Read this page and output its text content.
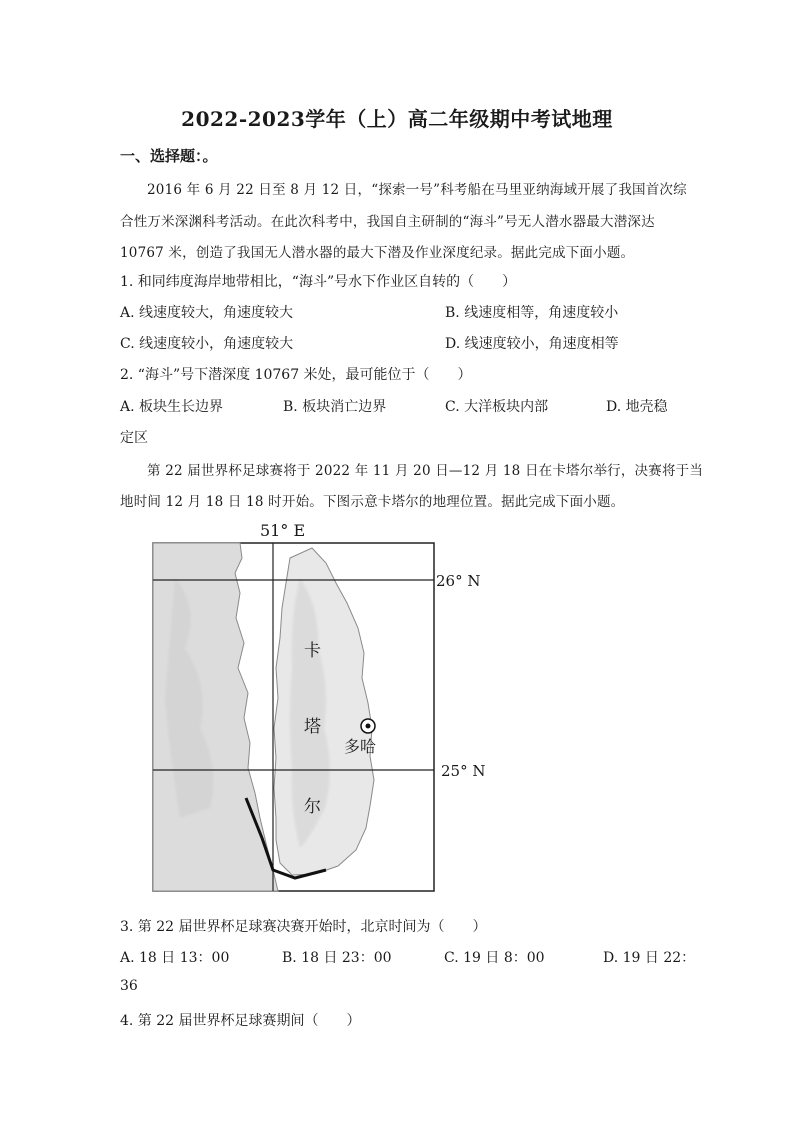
2022-2023学年（上）高二年级期中考试地理
一、选择题：。
2016 年 6 月 22 日至 8 月 12 日，“探索一号”科考船在马里亚纳海域开展了我国首次综
合性万米深渊科考活动。在此次科考中，我国自主研制的“海斗”号无人潜水器最大潜深达
10767 米，创造了我国无人潜水器的最大下潜及作业深度纪录。据此完成下面小题。
1. 和同纬度海岸地带相比，“海斗”号水下作业区自转的（　　）
A. 线速度较大，角速度较大	B. 线速度相等，角速度较小
C. 线速度较小，角速度较大	D. 线速度较小，角速度相等
2. “海斗”号下潜深度 10767 米处，最可能位于（　　）
A. 板块生长边界	B. 板块消亡边界	C. 大洋板块内部	D. 地壳稳
定区
第 22 届世界杯足球赛将于 2022 年 11 月 20 日—12 月 18 日在卡塔尔举行，决赛将于当
地时间 12 月 18 日 18 时开始。下图示意卡塔尔的地理位置。据此完成下面小题。
51° E
26° N
25° N
卡
塔
尔
多哈
3. 第 22 届世界杯足球赛决赛开始时，北京时间为（　　）
A. 18 日 13：00	B. 18 日 23：00	C. 19 日 8：00	D. 19 日 22：
36
4. 第 22 届世界杯足球赛期间（　　）
